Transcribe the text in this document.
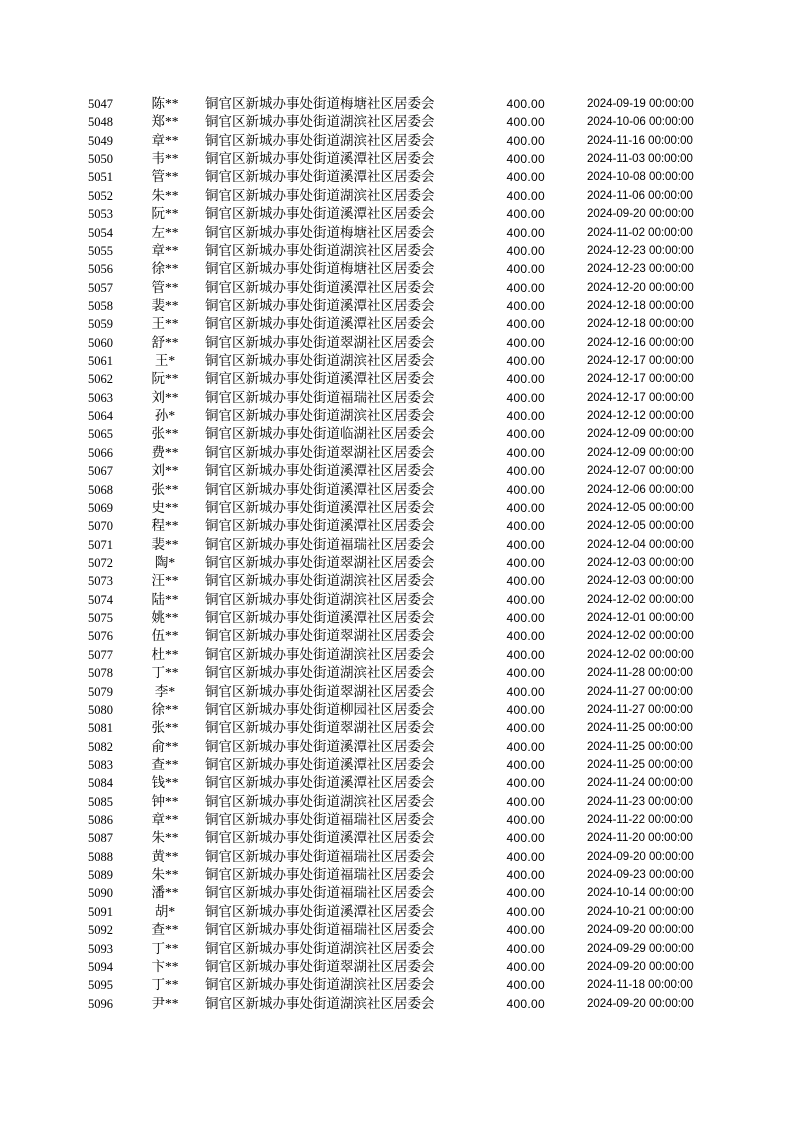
5047	陈**	铜官区新城办事处街道梅塘社区居委会	400.00	2024-09-19 00:00:00
5048	郑**	铜官区新城办事处街道湖滨社区居委会	400.00	2024-10-06 00:00:00
5049	章**	铜官区新城办事处街道湖滨社区居委会	400.00	2024-11-16 00:00:00
5050	韦**	铜官区新城办事处街道溪潭社区居委会	400.00	2024-11-03 00:00:00
5051	管**	铜官区新城办事处街道溪潭社区居委会	400.00	2024-10-08 00:00:00
5052	朱**	铜官区新城办事处街道湖滨社区居委会	400.00	2024-11-06 00:00:00
5053	阮**	铜官区新城办事处街道溪潭社区居委会	400.00	2024-09-20 00:00:00
5054	左**	铜官区新城办事处街道梅塘社区居委会	400.00	2024-11-02 00:00:00
5055	章**	铜官区新城办事处街道湖滨社区居委会	400.00	2024-12-23 00:00:00
5056	徐**	铜官区新城办事处街道梅塘社区居委会	400.00	2024-12-23 00:00:00
5057	管**	铜官区新城办事处街道溪潭社区居委会	400.00	2024-12-20 00:00:00
5058	裴**	铜官区新城办事处街道溪潭社区居委会	400.00	2024-12-18 00:00:00
5059	王**	铜官区新城办事处街道溪潭社区居委会	400.00	2024-12-18 00:00:00
5060	舒**	铜官区新城办事处街道翠湖社区居委会	400.00	2024-12-16 00:00:00
5061	王*	铜官区新城办事处街道湖滨社区居委会	400.00	2024-12-17 00:00:00
5062	阮**	铜官区新城办事处街道溪潭社区居委会	400.00	2024-12-17 00:00:00
5063	刘**	铜官区新城办事处街道福瑞社区居委会	400.00	2024-12-17 00:00:00
5064	孙*	铜官区新城办事处街道湖滨社区居委会	400.00	2024-12-12 00:00:00
5065	张**	铜官区新城办事处街道临湖社区居委会	400.00	2024-12-09 00:00:00
5066	费**	铜官区新城办事处街道翠湖社区居委会	400.00	2024-12-09 00:00:00
5067	刘**	铜官区新城办事处街道溪潭社区居委会	400.00	2024-12-07 00:00:00
5068	张**	铜官区新城办事处街道溪潭社区居委会	400.00	2024-12-06 00:00:00
5069	史**	铜官区新城办事处街道溪潭社区居委会	400.00	2024-12-05 00:00:00
5070	程**	铜官区新城办事处街道溪潭社区居委会	400.00	2024-12-05 00:00:00
5071	裴**	铜官区新城办事处街道福瑞社区居委会	400.00	2024-12-04 00:00:00
5072	陶*	铜官区新城办事处街道翠湖社区居委会	400.00	2024-12-03 00:00:00
5073	汪**	铜官区新城办事处街道湖滨社区居委会	400.00	2024-12-03 00:00:00
5074	陆**	铜官区新城办事处街道湖滨社区居委会	400.00	2024-12-02 00:00:00
5075	姚**	铜官区新城办事处街道溪潭社区居委会	400.00	2024-12-01 00:00:00
5076	伍**	铜官区新城办事处街道翠湖社区居委会	400.00	2024-12-02 00:00:00
5077	杜**	铜官区新城办事处街道湖滨社区居委会	400.00	2024-12-02 00:00:00
5078	丁**	铜官区新城办事处街道湖滨社区居委会	400.00	2024-11-28 00:00:00
5079	李*	铜官区新城办事处街道翠湖社区居委会	400.00	2024-11-27 00:00:00
5080	徐**	铜官区新城办事处街道柳园社区居委会	400.00	2024-11-27 00:00:00
5081	张**	铜官区新城办事处街道翠湖社区居委会	400.00	2024-11-25 00:00:00
5082	俞**	铜官区新城办事处街道溪潭社区居委会	400.00	2024-11-25 00:00:00
5083	查**	铜官区新城办事处街道溪潭社区居委会	400.00	2024-11-25 00:00:00
5084	钱**	铜官区新城办事处街道溪潭社区居委会	400.00	2024-11-24 00:00:00
5085	钟**	铜官区新城办事处街道湖滨社区居委会	400.00	2024-11-23 00:00:00
5086	章**	铜官区新城办事处街道福瑞社区居委会	400.00	2024-11-22 00:00:00
5087	朱**	铜官区新城办事处街道溪潭社区居委会	400.00	2024-11-20 00:00:00
5088	黄**	铜官区新城办事处街道福瑞社区居委会	400.00	2024-09-20 00:00:00
5089	朱**	铜官区新城办事处街道福瑞社区居委会	400.00	2024-09-23 00:00:00
5090	潘**	铜官区新城办事处街道福瑞社区居委会	400.00	2024-10-14 00:00:00
5091	胡*	铜官区新城办事处街道溪潭社区居委会	400.00	2024-10-21 00:00:00
5092	查**	铜官区新城办事处街道福瑞社区居委会	400.00	2024-09-20 00:00:00
5093	丁**	铜官区新城办事处街道湖滨社区居委会	400.00	2024-09-29 00:00:00
5094	卞**	铜官区新城办事处街道翠湖社区居委会	400.00	2024-09-20 00:00:00
5095	丁**	铜官区新城办事处街道湖滨社区居委会	400.00	2024-11-18 00:00:00
5096	尹**	铜官区新城办事处街道湖滨社区居委会	400.00	2024-09-20 00:00:00
